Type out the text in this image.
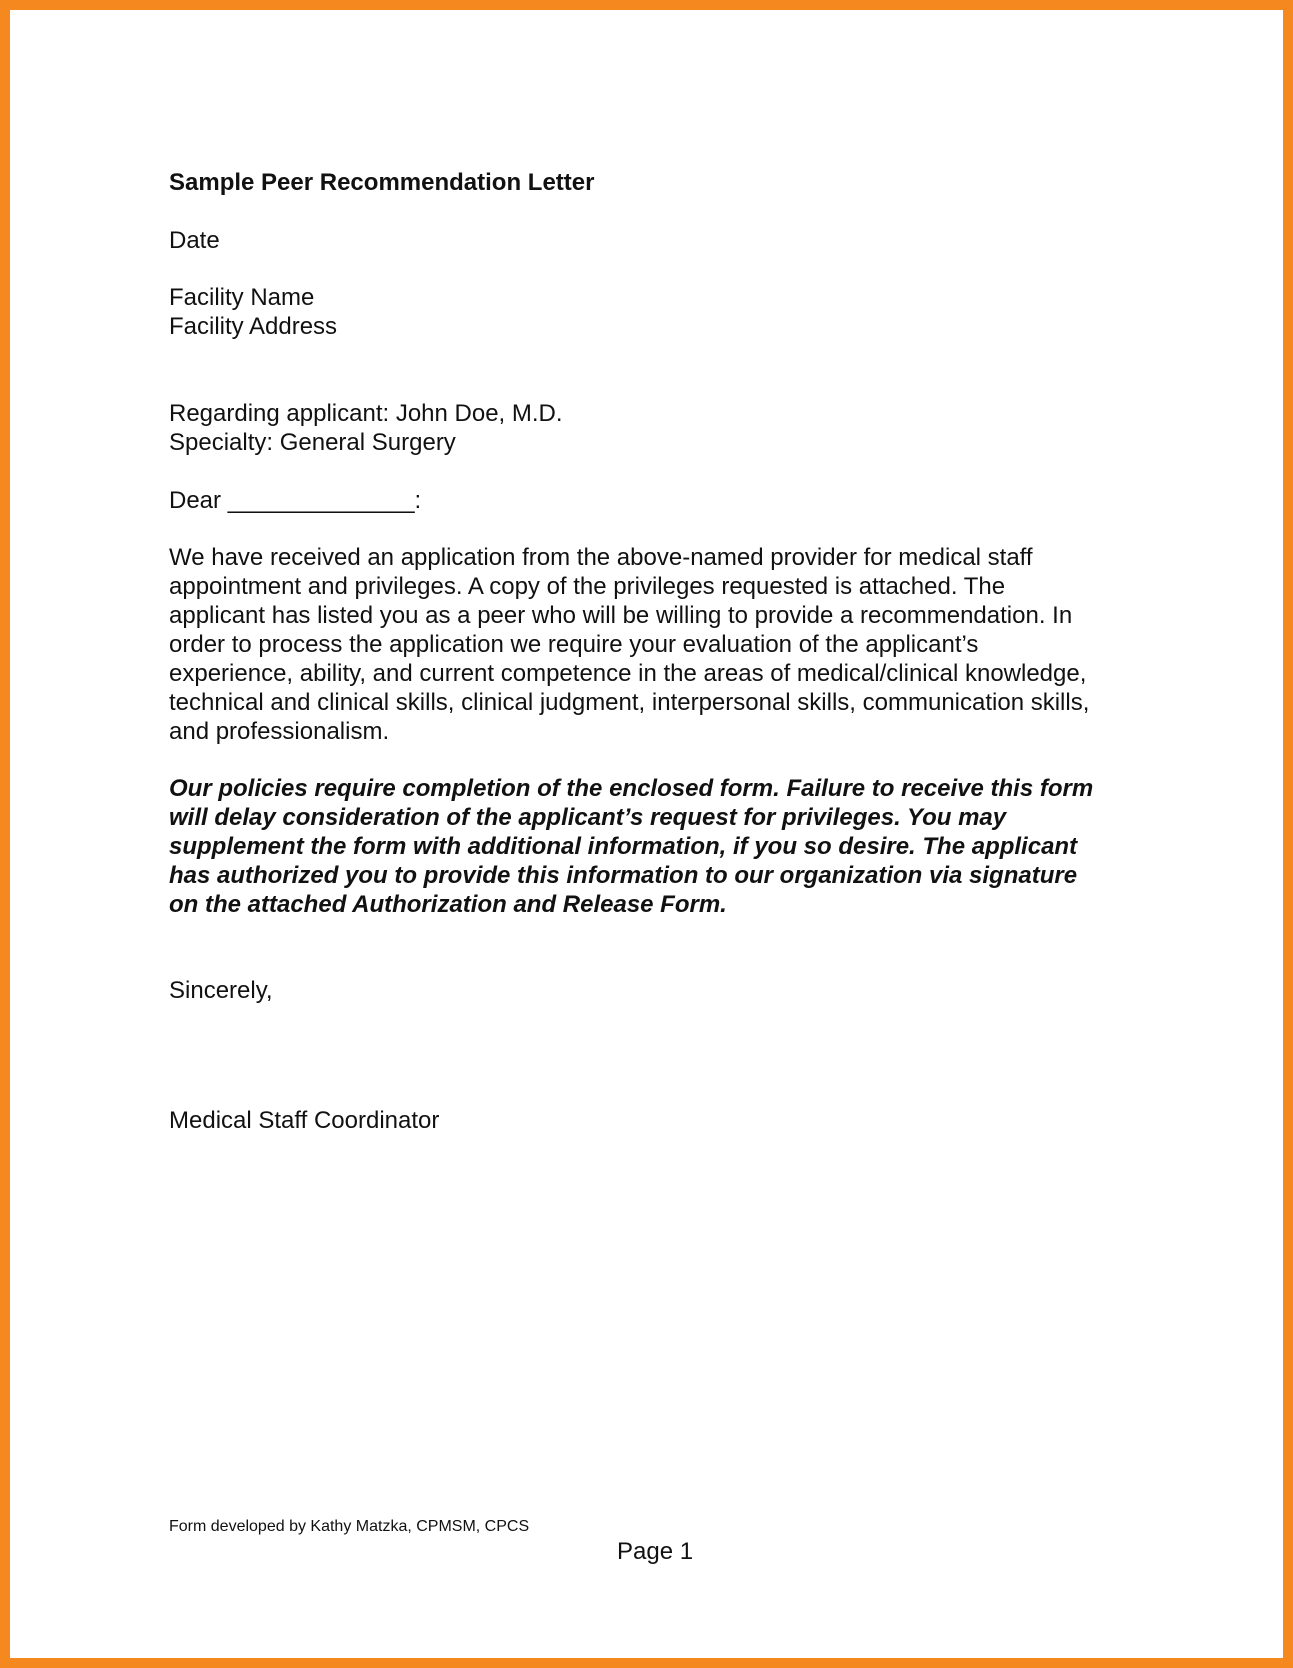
Sample Peer Recommendation Letter
Date
Facility Name
Facility Address
Regarding applicant: John Doe, M.D.
Specialty: General Surgery
Dear ______________:
We have received an application from the above-named provider for medical staff
appointment and privileges. A copy of the privileges requested is attached. The
applicant has listed you as a peer who will be willing to provide a recommendation. In
order to process the application we require your evaluation of the applicant’s
experience, ability, and current competence in the areas of medical/clinical knowledge,
technical and clinical skills, clinical judgment, interpersonal skills, communication skills,
and professionalism.
Our policies require completion of the enclosed form. Failure to receive this form
will delay consideration of the applicant’s request for privileges. You may
supplement the form with additional information, if you so desire. The applicant
has authorized you to provide this information to our organization via signature
on the attached Authorization and Release Form.
Sincerely,
Medical Staff Coordinator
Form developed by Kathy Matzka, CPMSM, CPCS
Page 1
